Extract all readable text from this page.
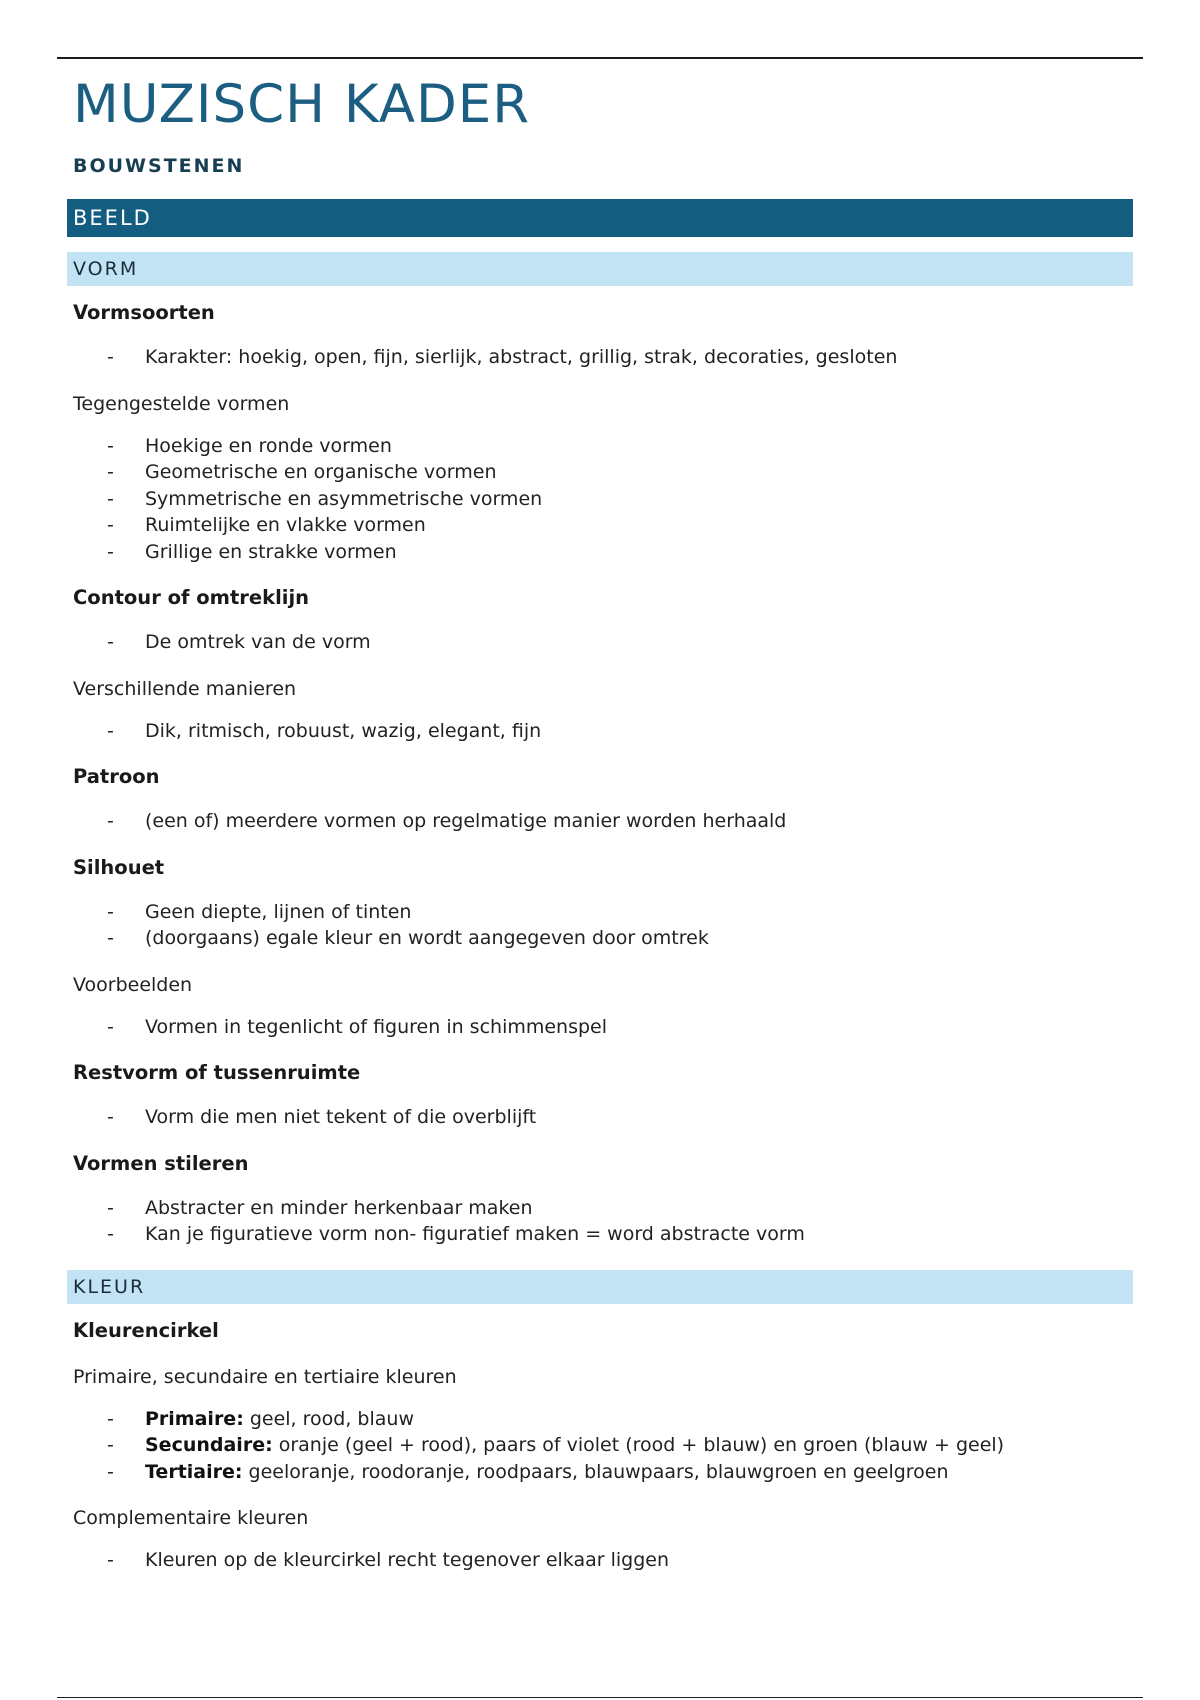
MUZISCH KADER
BOUWSTENEN
BEELD
VORM
Vormsoorten
- Karakter: hoekig, open, fijn, sierlijk, abstract, grillig, strak, decoraties, gesloten
Tegengestelde vormen
- Hoekige en ronde vormen
- Geometrische en organische vormen
- Symmetrische en asymmetrische vormen
- Ruimtelijke en vlakke vormen
- Grillige en strakke vormen
Contour of omtreklijn
- De omtrek van de vorm
Verschillende manieren
- Dik, ritmisch, robuust, wazig, elegant, fijn
Patroon
- (een of) meerdere vormen op regelmatige manier worden herhaald
Silhouet
- Geen diepte, lijnen of tinten
- (doorgaans) egale kleur en wordt aangegeven door omtrek
Voorbeelden
- Vormen in tegenlicht of figuren in schimmenspel
Restvorm of tussenruimte
- Vorm die men niet tekent of die overblijft
Vormen stileren
- Abstracter en minder herkenbaar maken
- Kan je figuratieve vorm non- figuratief maken = word abstracte vorm
KLEUR
Kleurencirkel
Primaire, secundaire en tertiaire kleuren
- Primaire: geel, rood, blauw
- Secundaire: oranje (geel + rood), paars of violet (rood + blauw) en groen (blauw + geel)
- Tertiaire: geeloranje, roodoranje, roodpaars, blauwpaars, blauwgroen en geelgroen
Complementaire kleuren
- Kleuren op de kleurcirkel recht tegenover elkaar liggen
